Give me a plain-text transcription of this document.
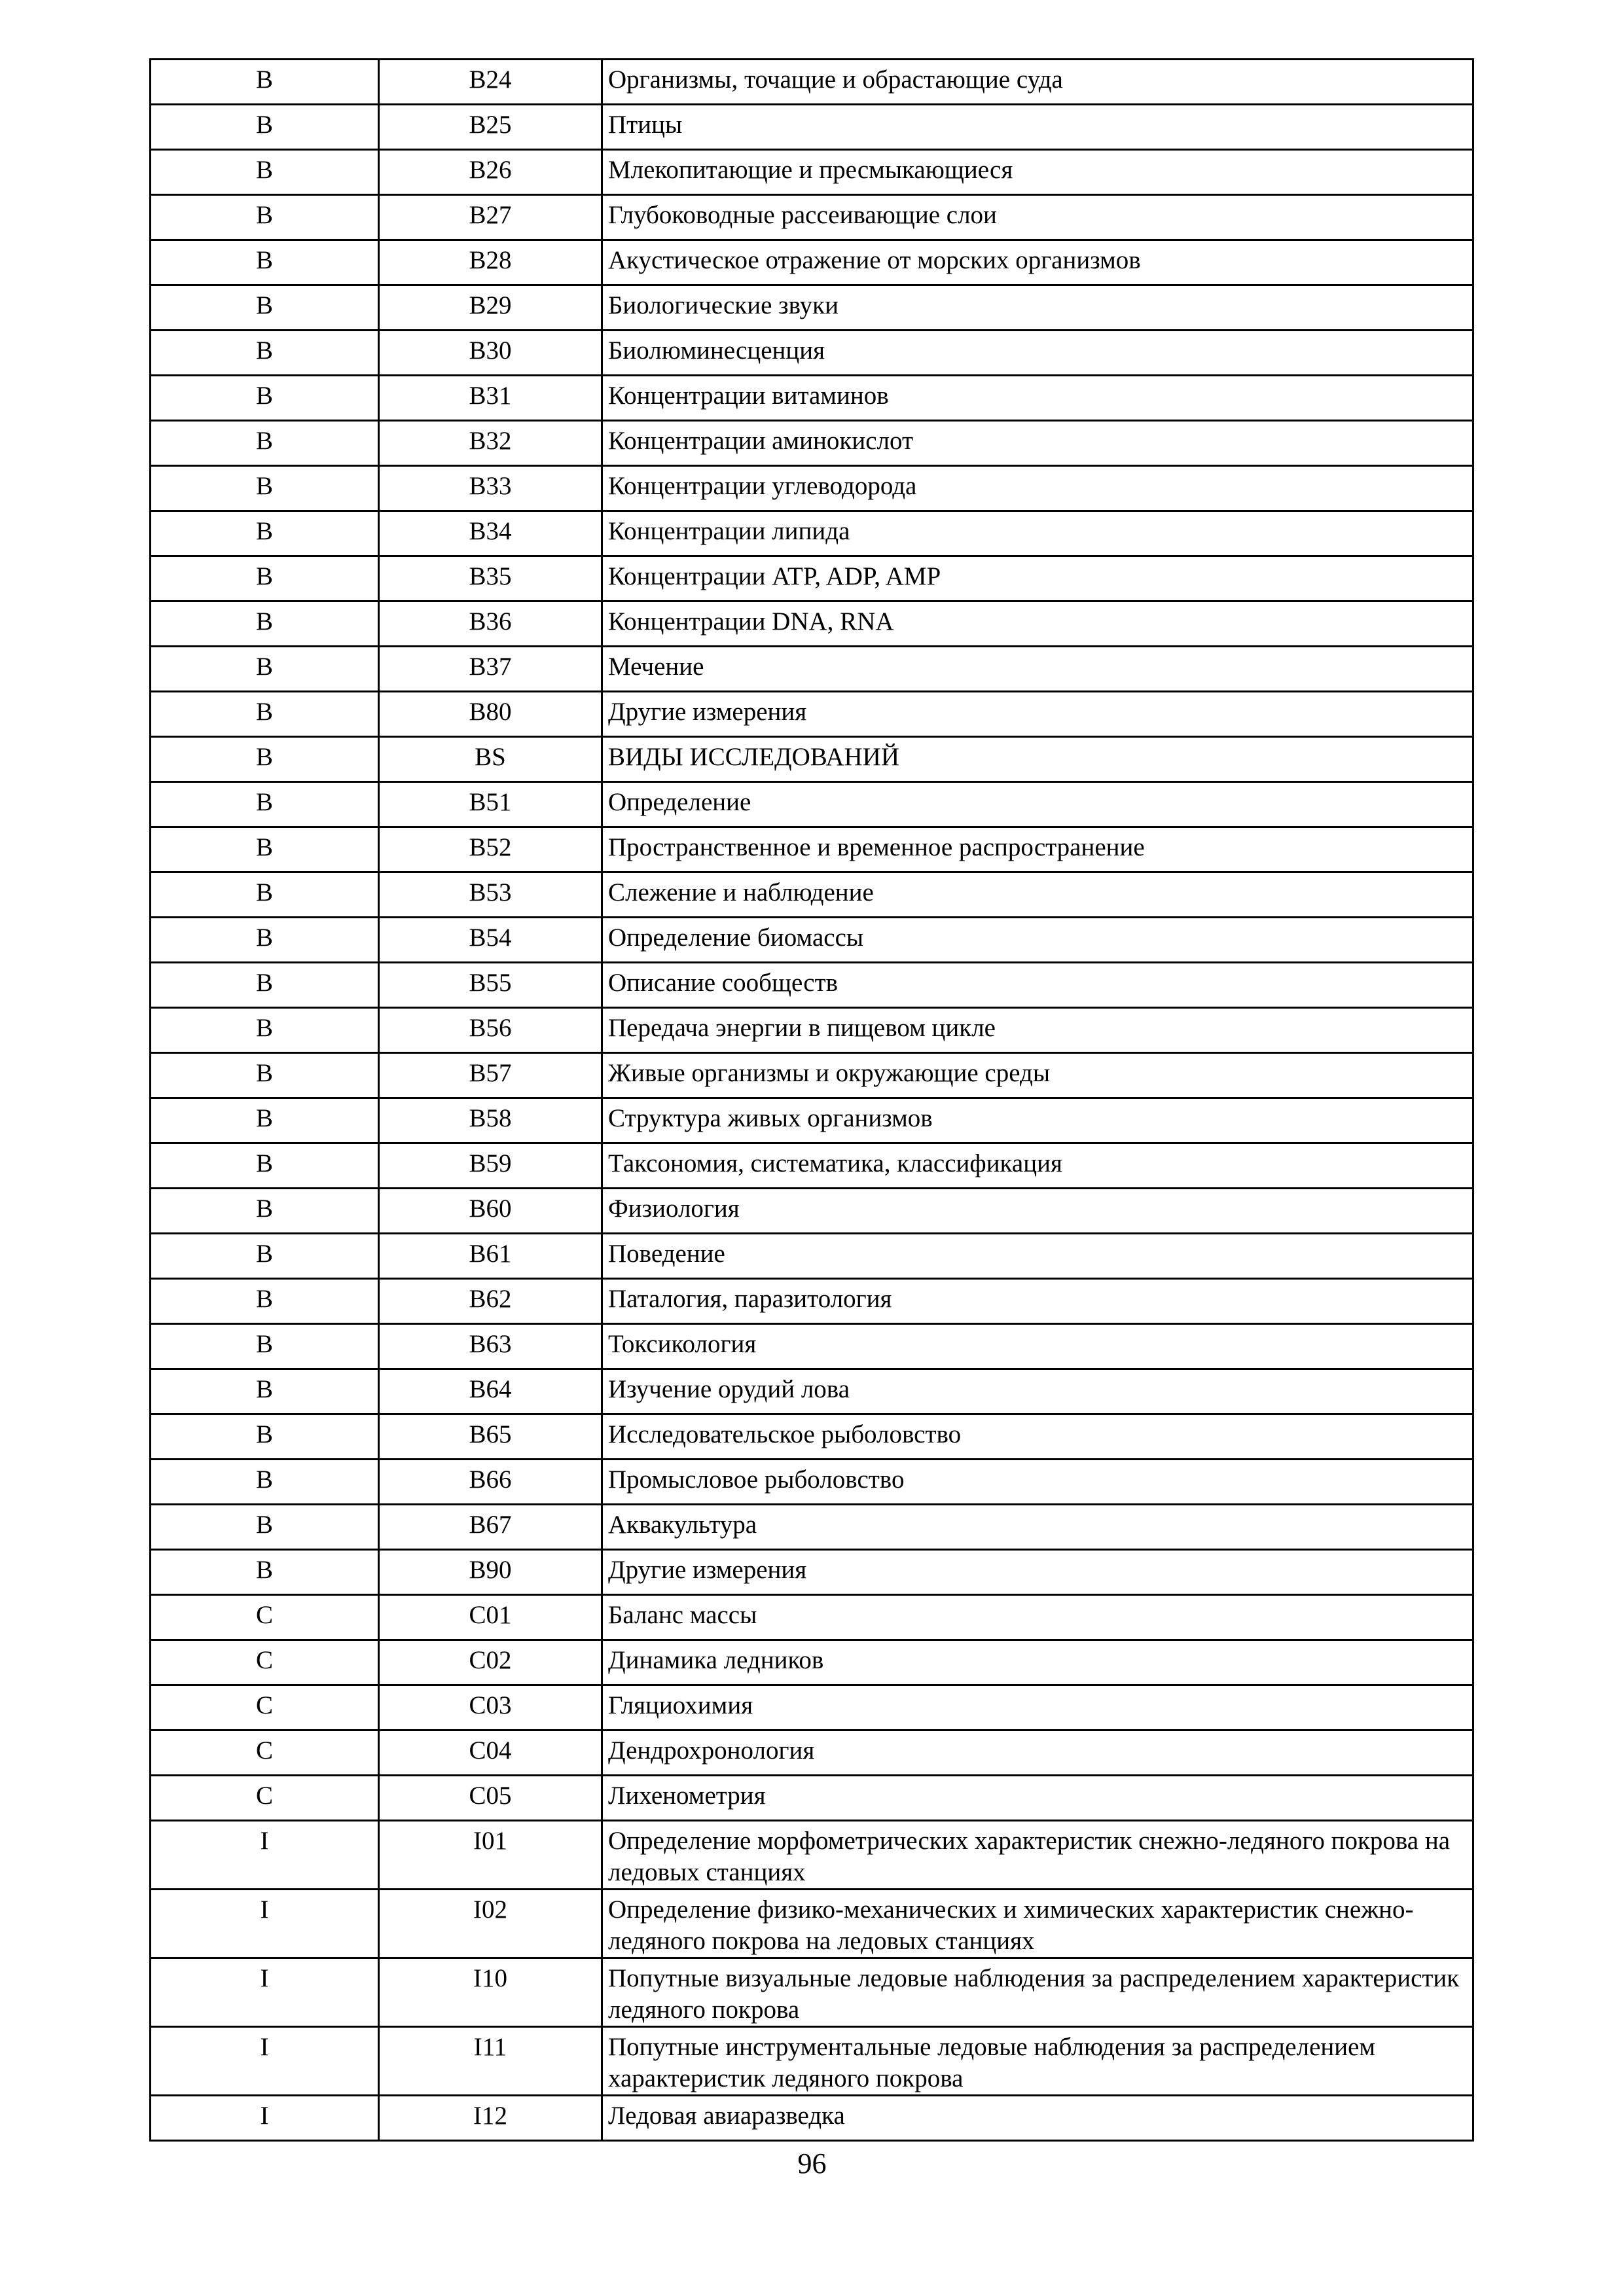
B	B24	Организмы, точащие и обрастающие суда
B	B25	Птицы
B	B26	Млекопитающие и пресмыкающиеся
B	B27	Глубоководные рассеивающие слои
B	B28	Акустическое отражение от морских организмов
B	B29	Биологические звуки
B	B30	Биолюминесценция
B	B31	Концентрации витаминов
B	B32	Концентрации аминокислот
B	B33	Концентрации углеводорода
B	B34	Концентрации липида
B	B35	Концентрации ATP, ADP, AMP
B	B36	Концентрации DNA, RNA
B	B37	Мечение
B	B80	Другие измерения
B	BS	ВИДЫ ИССЛЕДОВАНИЙ
B	B51	Определение
B	B52	Пространственное и временное распространение
B	B53	Слежение и наблюдение
B	B54	Определение биомассы
B	B55	Описание сообществ
B	B56	Передача энергии в пищевом цикле
B	B57	Живые организмы и окружающие среды
B	B58	Структура живых организмов
B	B59	Таксономия, систематика, классификация
B	B60	Физиология
B	B61	Поведение
B	B62	Паталогия, паразитология
B	B63	Токсикология
B	B64	Изучение орудий лова
B	B65	Исследовательское рыболовство
B	B66	Промысловое рыболовство
B	B67	Аквакультура
B	B90	Другие измерения
C	C01	Баланс массы
C	C02	Динамика ледников
C	C03	Гляциохимия
C	C04	Дендрохронология
C	C05	Лихенометрия
I	I01	Определение морфометрических характеристик снежно-ледяного покрова на ледовых станциях
I	I02	Определение физико-механических и химических характеристик снежно-ледяного покрова на ледовых станциях
I	I10	Попутные визуальные ледовые наблюдения за распределением характеристик ледяного покрова
I	I11	Попутные инструментальные ледовые наблюдения за распределением характеристик ледяного покрова
I	I12	Ледовая авиаразведка
96
